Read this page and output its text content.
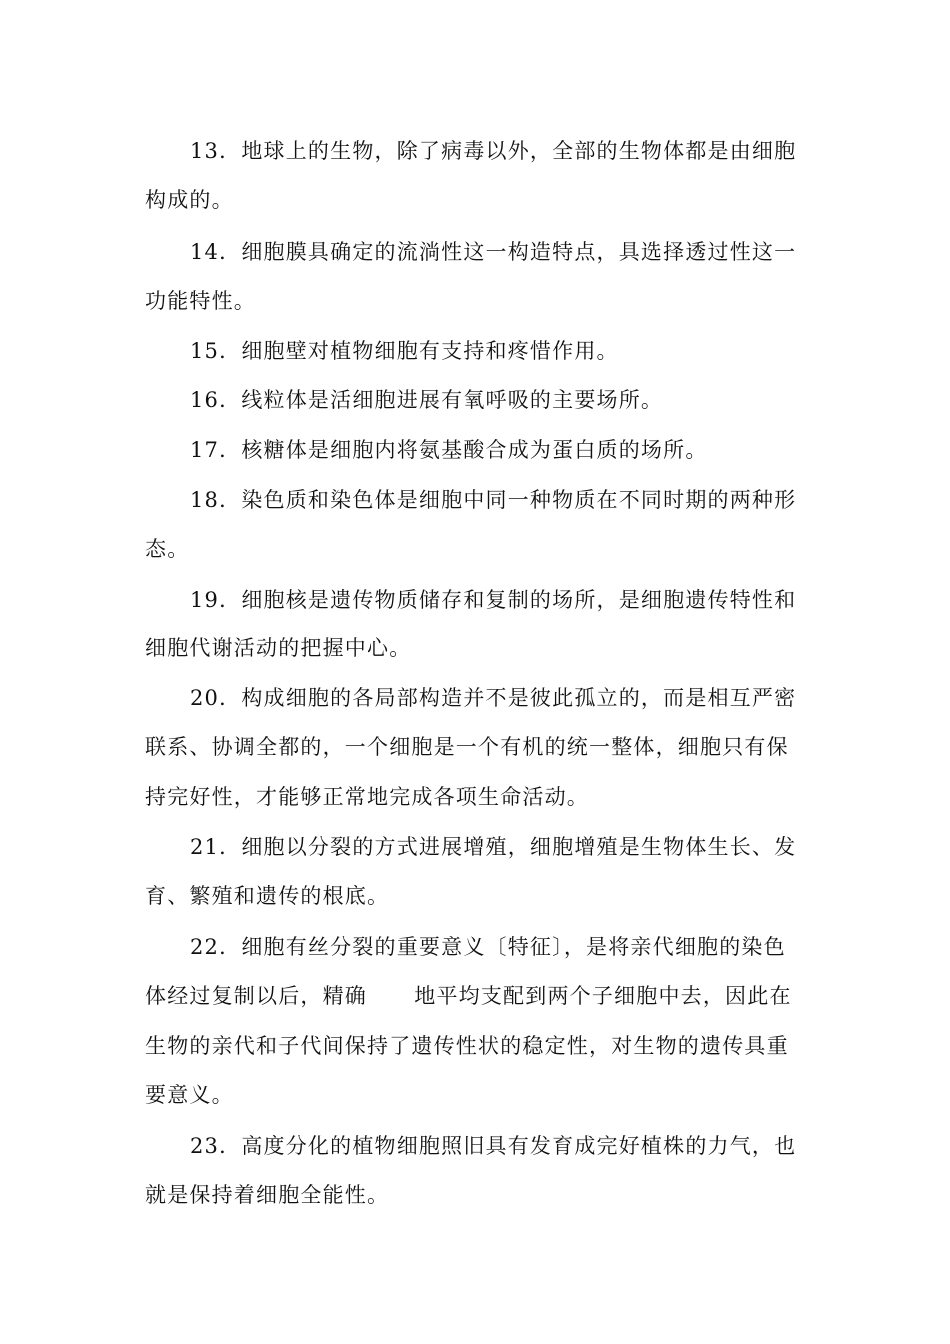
13．地球上的生物，除了病毒以外，全部的生物体都是由细胞
构成的。
14．细胞膜具确定的流淌性这一构造特点，具选择透过性这一
功能特性。
15．细胞壁对植物细胞有支持和疼惜作用。
16．线粒体是活细胞进展有氧呼吸的主要场所。
17．核糖体是细胞内将氨基酸合成为蛋白质的场所。
18．染色质和染色体是细胞中同一种物质在不同时期的两种形
态。
19．细胞核是遗传物质储存和复制的场所，是细胞遗传特性和
细胞代谢活动的把握中心。
20．构成细胞的各局部构造并不是彼此孤立的，而是相互严密
联系、协调全都的，一个细胞是一个有机的统一整体，细胞只有保
持完好性，才能够正常地完成各项生命活动。
21．细胞以分裂的方式进展增殖，细胞增殖是生物体生长、发
育、繁殖和遗传的根底。
22．细胞有丝分裂的重要意义〔特征〕，是将亲代细胞的染色
体经过复制以后，精确      地平均支配到两个子细胞中去，因此在
生物的亲代和子代间保持了遗传性状的稳定性，对生物的遗传具重
要意义。
23．高度分化的植物细胞照旧具有发育成完好植株的力气，也
就是保持着细胞全能性。
